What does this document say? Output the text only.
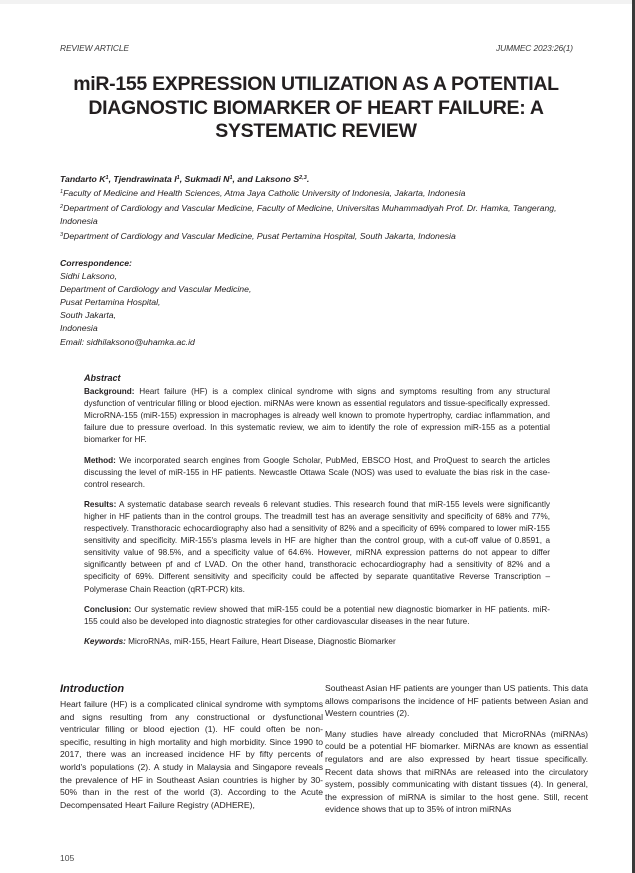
REVIEW ARTICLE	JUMMEC 2023:26(1)
miR-155 EXPRESSION UTILIZATION AS A POTENTIAL
DIAGNOSTIC BIOMARKER OF HEART FAILURE: A
SYSTEMATIC REVIEW
Tandarto $K^1$, Tjendrawinata $I^1$, Sukmadi $N^1$, and Laksono S$^{2,3}$.
$^1$Faculty of Medicine and Health Sciences, Atma Jaya Catholic University of Indonesia, Jakarta, Indonesia
$^2$Department of Cardiology and Vascular Medicine, Faculty of Medicine, Universitas Muhammadiyah Prof. Dr. Hamka, Tangerang, Indonesia
$^3$Department of Cardiology and Vascular Medicine, Pusat Pertamina Hospital, South Jakarta, Indonesia
Correspondence:
Sidhi Laksono,
Department of Cardiology and Vascular Medicine,
Pusat Pertamina Hospital,
South Jakarta,
Indonesia
Email: sidhilaksono@uhamka.ac.id
Abstract

Background: Heart failure (HF) is a complex clinical syndrome with signs and symptoms resulting from any structural dysfunction of ventricular filling or blood ejection. miRNAs were known as essential regulators and tissue-specifically expressed. MicroRNA-155 (miR-155) expression in macrophages is already well known to promote hypertrophy, cardiac inflammation, and failure due to pressure overload. In this systematic review, we aim to identify the role of expression miR-155 as a potential biomarker for HF.

Method: We incorporated search engines from Google Scholar, PubMed, EBSCO Host, and ProQuest to search the articles discussing the level of miR-155 in HF patients. Newcastle Ottawa Scale (NOS) was used to evaluate the bias risk in the case-control research.

Results: A systematic database search reveals 6 relevant studies. This research found that miR-155 levels were significantly higher in HF patients than in the control groups. The treadmill test has an average sensitivity and specificity of 68% and 77%, respectively. Transthoracic echocardiography also had a sensitivity of 82% and a specificity of 69% compared to lower miR-155 sensitivity and specificity. MiR-155's plasma levels in HF are higher than the control group, with a cut-off value of 0.8591, a sensitivity value of 98.5%, and a specificity value of 64.6%. However, miRNA expression patterns do not appear to differ significantly between pf and cf LVAD. On the other hand, transthoracic echocardiography had a sensitivity of 82% and a specificity of 69%. Different sensitivity and specificity could be affected by separate quantitative Reverse Transcription – Polymerase Chain Reaction (qRT-PCR) kits.

Conclusion: Our systematic review showed that miR-155 could be a potential new diagnostic biomarker in HF patients. miR-155 could also be developed into diagnostic strategies for other cardiovascular diseases in the near future.

Keywords: MicroRNAs, miR-155, Heart Failure, Heart Disease, Diagnostic Biomarker

Introduction

Heart failure (HF) is a complicated clinical syndrome with symptoms and signs resulting from any constructional or dysfunctional ventricular filling or blood ejection (1). HF could often be non-specific, resulting in high mortality and high morbidity. Since 1990 to 2017, there was an increased incidence HF by fifty percents of world's populations (2). A study in Malaysia and Singapore reveals the prevalence of HF in Southeast Asian countries is higher by 30-50% than in the rest of the world (3). According to the Acute Decompensated Heart Failure Registry (ADHERE),

Southeast Asian HF patients are younger than US patients. This data allows comparisons the incidence of HF patients between Asian and Western countries (2).

Many studies have already concluded that MicroRNAs (miRNAs) could be a potential HF biomarker. MiRNAs are known as essential regulators and are also expressed by heart tissue specifically. Recent data shows that miRNAs are released into the circulatory system, possibly communicating with distant tissues (4). In general, the expression of miRNA is similar to the host gene. Still, recent evidence shows that up to 35% of intron miRNAs

105
